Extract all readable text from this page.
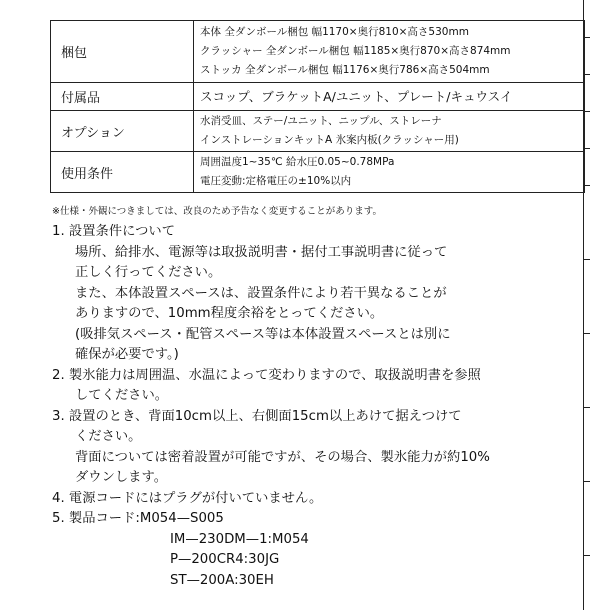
梱包	本体 全ダンボール梱包 幅1170×奥行810×高さ530mm
クラッシャー 全ダンボール梱包 幅1185×奥行870×高さ874mm
ストッカ 全ダンボール梱包 幅1176×奥行786×高さ504mm

付属品	スコップ、ブラケットA/ユニット、プレート/キュウスイ

オプション	水消受皿、ステー/ユニット、ニップル、ストレーナ
インストレーションキットA 氷案内板(クラッシャー用)

使用条件	周囲温度1~35℃ 給水圧0.05~0.78MPa
電圧変動:定格電圧の±10%以内
※仕様・外観につきましては、改良のため予告なく変更することがあります。
1. 設置条件について
場所、給排水、電源等は取扱説明書・据付工事説明書に従って
正しく行ってください。
また、本体設置スペースは、設置条件により若干異なることが
ありますので、10mm程度余裕をとってください。
(吸排気スペース・配管スペース等は本体設置スペースとは別に
確保が必要です。)
2. 製氷能力は周囲温、水温によって変わりますので、取扱説明書を参照
してください。
3. 設置のとき、背面10cm以上、右側面15cm以上あけて据えつけて
ください。
背面については密着設置が可能ですが、その場合、製氷能力が約10%
ダウンします。
4. 電源コードにはプラグが付いていません。
5. 製品コード:M054—S005
IM—230DM—1:M054
P—200CR4:30JG
ST—200A:30EH
